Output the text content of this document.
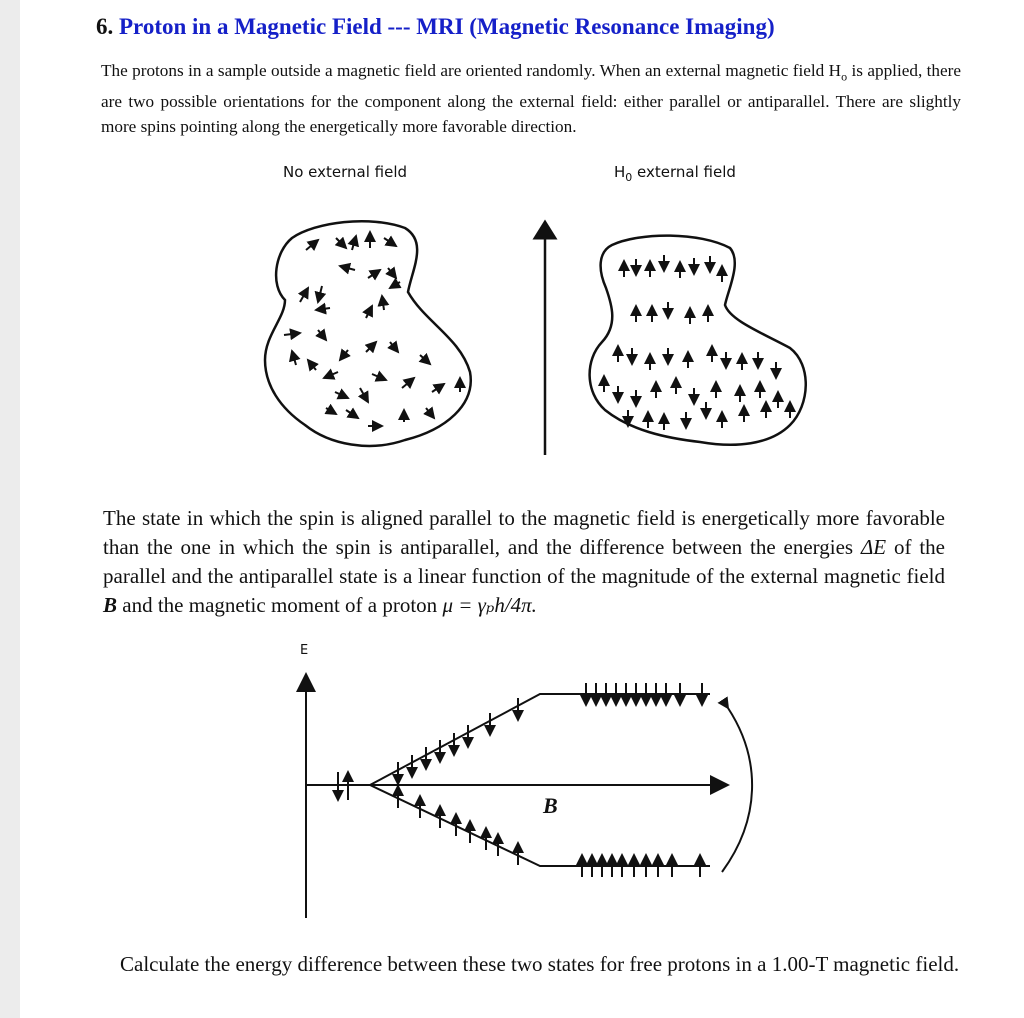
6. Proton in a Magnetic Field --- MRI (Magnetic Resonance Imaging)
The protons in a sample outside a magnetic field are oriented randomly. When an external magnetic field $H_o$ is applied, there are two possible orientations for the component along the external field: either parallel or antiparallel. There are slightly more spins pointing along the energetically more favorable direction.
No external field	$H_0$ external field
The state in which the spin is aligned parallel to the magnetic field is energetically more favorable than the one in which the spin is antiparallel, and the difference between the energies ΔE of the parallel and the antiparallel state is a linear function of the magnitude of the external magnetic field B and the magnetic moment of a proton μ = γₚh/4π.
E
B
Calculate the energy difference between these two states for free protons in a 1.00-T magnetic field.
